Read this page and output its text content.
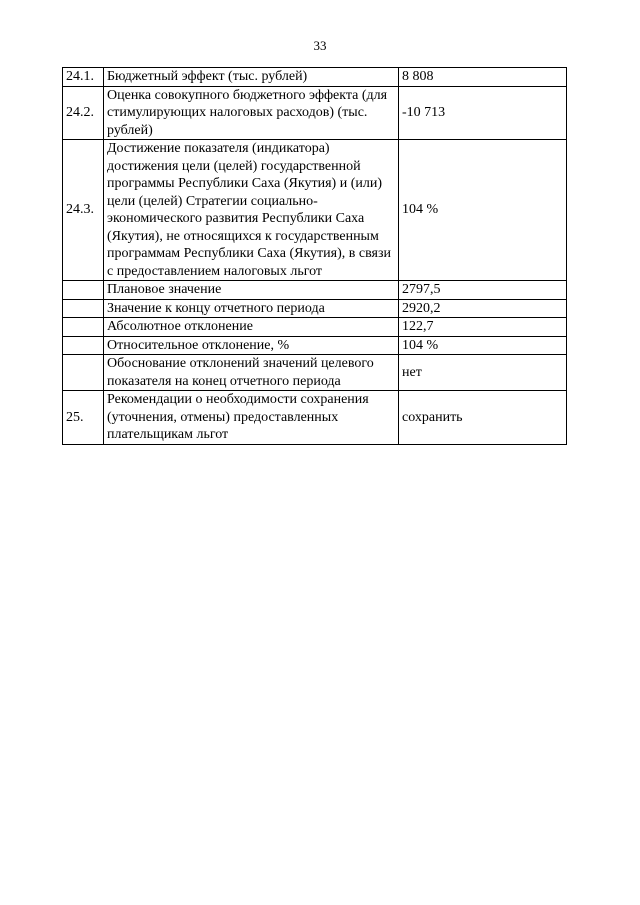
33
24.1.	Бюджетный эффект (тыс. рублей)	8 808
24.2.	Оценка совокупного бюджетного эффекта (для стимулирующих налоговых расходов) (тыс. рублей)	-10 713
24.3.	Достижение показателя (индикатора) достижения цели (целей) государственной программы Республики Саха (Якутия) и (или) цели (целей) Стратегии социально-экономического развития Республики Саха (Якутия), не относящихся к государственным программам Республики Саха (Якутия), в связи с предоставлением налоговых льгот	104 %
	Плановое значение	2797,5
	Значение к концу отчетного периода	2920,2
	Абсолютное отклонение	122,7
	Относительное отклонение, %	104 %
	Обоснование отклонений значений целевого показателя на конец отчетного периода	нет
25.	Рекомендации о необходимости сохранения (уточнения, отмены) предоставленных плательщикам льгот	сохранить
